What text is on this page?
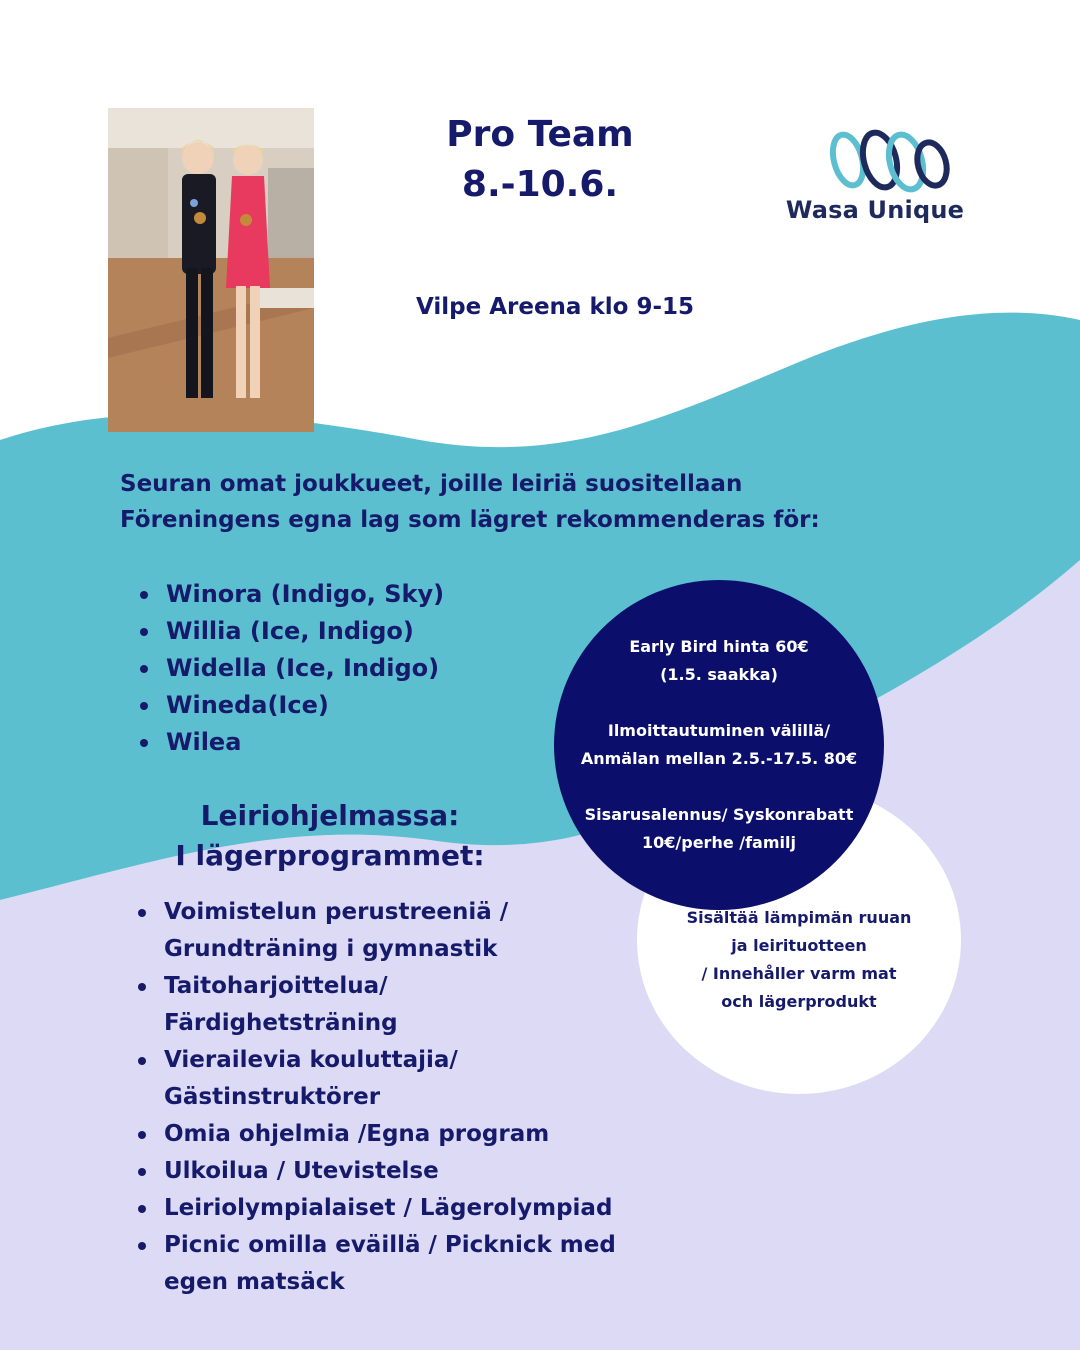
Pro Team
8.-10.6.
Vilpe Areena klo 9-15
Wasa Unique
Seuran omat joukkueet, joille leiriä suositellaan
Föreningens egna lag som lägret rekommenderas för:
Winora (Indigo, Sky)
Willia (Ice, Indigo)
Widella (Ice, Indigo)
Wineda(Ice)
Wilea
Leiriohjelmassa:
I lägerprogrammet:
Voimistelun perustreeniä /
Grundträning i gymnastik
Taitoharjoittelua/ Färdighetsträning
Vierailevia kouluttajia/
Gästinstruktörer
Omia ohjelmia /Egna program
Ulkoilua / Utevistelse
Leiriolympialaiset / Lägerolympiad
Picnic omilla eväillä / Picknick med
egen matsäck
Sisältää lämpimän ruuan
ja leirituotteen
/ Innehåller varm mat
och lägerprodukt
Early Bird hinta 60€
(1.5. saakka)
Ilmoittautuminen välillä/
Anmälan mellan 2.5.-17.5. 80€
Sisarusalennus/ Syskonrabatt
10€/perhe /familj
